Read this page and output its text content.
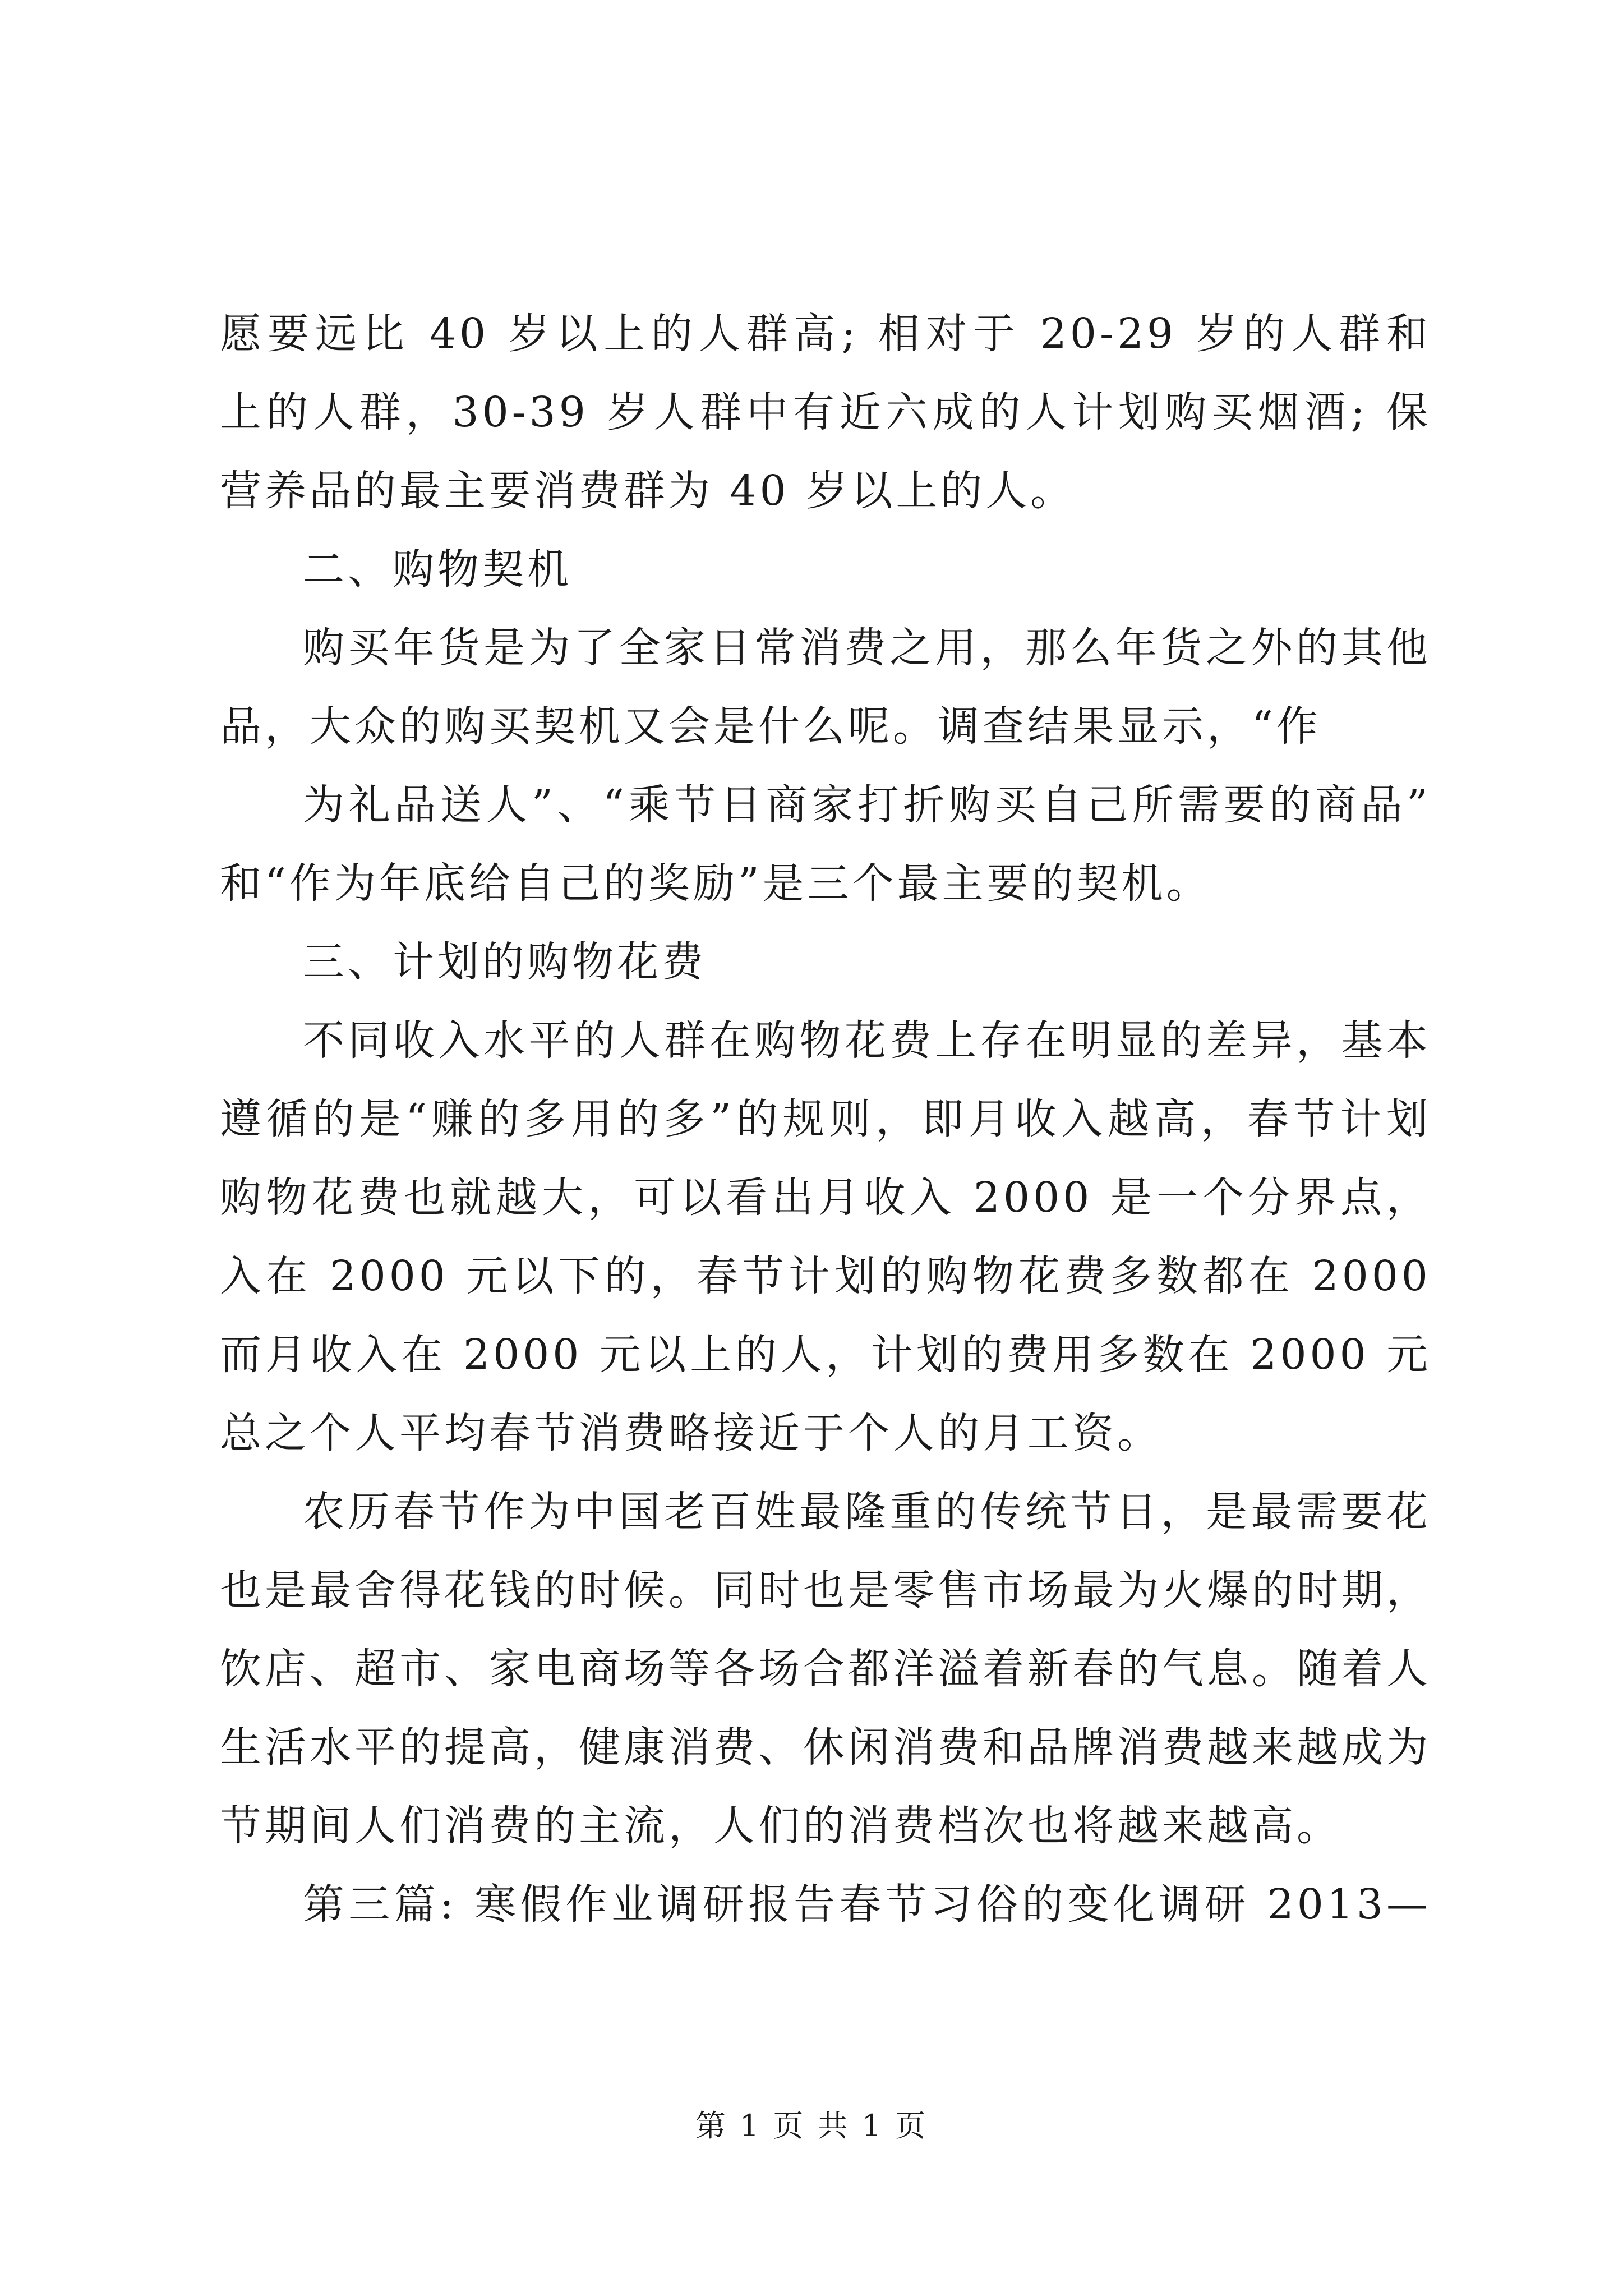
愿要远比 40 岁以上的人群高; 相对于 20-29 岁的人群和
上的人群，30-39 岁人群中有近六成的人计划购买烟酒; 保
营养品的最主要消费群为 40 岁以上的人。
二、购物契机
购买年货是为了全家日常消费之用，那么年货之外的其他
品，大众的购买契机又会是什么呢。调查结果显示，“作
为礼品送人”、“乘节日商家打折购买自己所需要的商品”
和“作为年底给自己的奖励”是三个最主要的契机。
三、计划的购物花费
不同收入水平的人群在购物花费上存在明显的差异，基本
遵循的是“赚的多用的多”的规则，即月收入越高，春节计划
购物花费也就越大，可以看出月收入 2000 是一个分界点，
入在 2000 元以下的，春节计划的购物花费多数都在 2000
而月收入在 2000 元以上的人，计划的费用多数在 2000 元
总之个人平均春节消费略接近于个人的月工资。
农历春节作为中国老百姓最隆重的传统节日，是最需要花
也是最舍得花钱的时候。同时也是零售市场最为火爆的时期，
饮店、超市、家电商场等各场合都洋溢着新春的气息。随着人
生活水平的提高，健康消费、休闲消费和品牌消费越来越成为
节期间人们消费的主流，人们的消费档次也将越来越高。
第三篇: 寒假作业调研报告春节习俗的变化调研 2013—
第 1 页 共 1 页
